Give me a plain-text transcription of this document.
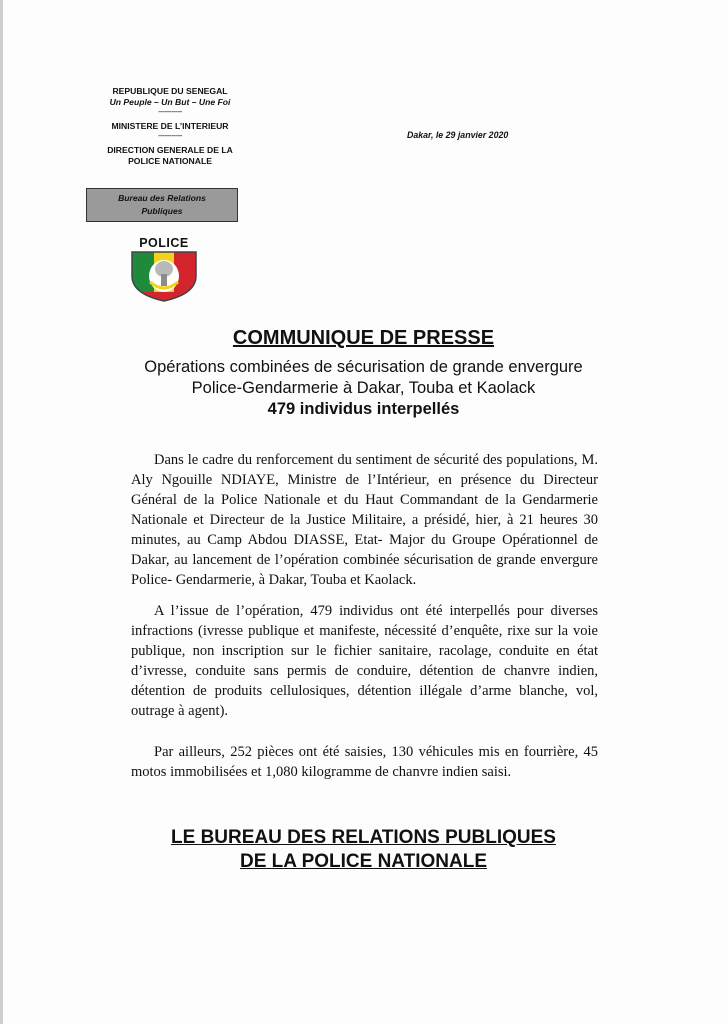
REPUBLIQUE DU SENEGAL
Un Peuple – Un But – Une Foi
-----------
MINISTERE DE L’INTERIEUR
-----------
DIRECTION GENERALE DE LA
POLICE NATIONALE
Bureau des Relations
Publiques
Dakar, le 29 janvier 2020
POLICE
COMMUNIQUE DE PRESSE
Opérations combinées de sécurisation de grande envergure
Police-Gendarmerie à Dakar, Touba et Kaolack
479 individus interpellés

Dans le cadre du renforcement du sentiment de sécurité des populations, M. Aly Ngouille NDIAYE, Ministre de l’Intérieur, en présence du Directeur Général de la Police Nationale et du Haut Commandant de la Gendarmerie Nationale et Directeur de la Justice Militaire, a présidé, hier, à 21 heures 30 minutes, au Camp Abdou DIASSE, Etat- Major du Groupe Opérationnel de Dakar, au lancement de l’opération combinée sécurisation de grande envergure Police- Gendarmerie, à Dakar, Touba et Kaolack.

A l’issue de l’opération, 479 individus ont été interpellés pour diverses infractions (ivresse publique et manifeste, nécessité d’enquête, rixe sur la voie publique, non inscription sur le fichier sanitaire, racolage, conduite en état d’ivresse, conduite sans permis de conduire, détention de chanvre indien, détention de produits cellulosiques, détention illégale d’arme blanche, vol, outrage à agent).

Par ailleurs, 252 pièces ont été saisies, 130 véhicules mis en fourrière, 45 motos immobilisées et 1,080 kilogramme de chanvre indien saisi.

LE BUREAU DES RELATIONS PUBLIQUES
DE LA POLICE NATIONALE
